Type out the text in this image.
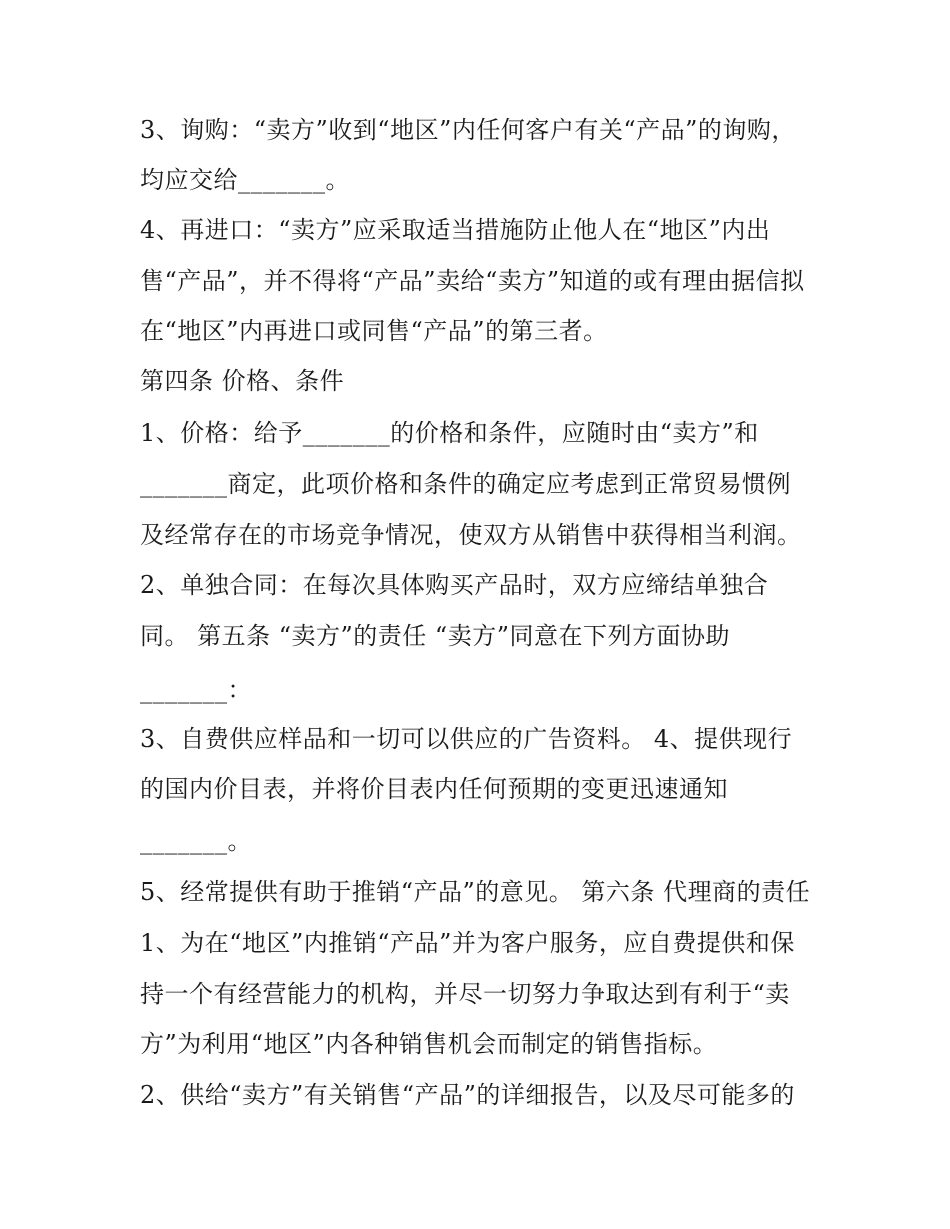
3、询购：“卖方”收到“地区”内任何客户有关“产品”的询购，
均应交给_______。
4、再进口：“卖方”应采取适当措施防止他人在“地区”内出
售“产品”，并不得将“产品”卖给“卖方”知道的或有理由据信拟
在“地区”内再进口或同售“产品”的第三者。
第四条 价格、条件
1、价格：给予_______的价格和条件，应随时由“卖方”和
_______商定，此项价格和条件的确定应考虑到正常贸易惯例
及经常存在的市场竞争情况，使双方从销售中获得相当利润。
2、单独合同：在每次具体购买产品时，双方应缔结单独合
同。 第五条 “卖方”的责任 “卖方”同意在下列方面协助
_______：
3、自费供应样品和一切可以供应的广告资料。 4、提供现行
的国内价目表，并将价目表内任何预期的变更迅速通知
_______。
5、经常提供有助于推销“产品”的意见。 第六条 代理商的责任
1、为在“地区”内推销“产品”并为客户服务，应自费提供和保
持一个有经营能力的机构，并尽一切努力争取达到有利于“卖
方”为利用“地区”内各种销售机会而制定的销售指标。
2、供给“卖方”有关销售“产品”的详细报告，以及尽可能多的
